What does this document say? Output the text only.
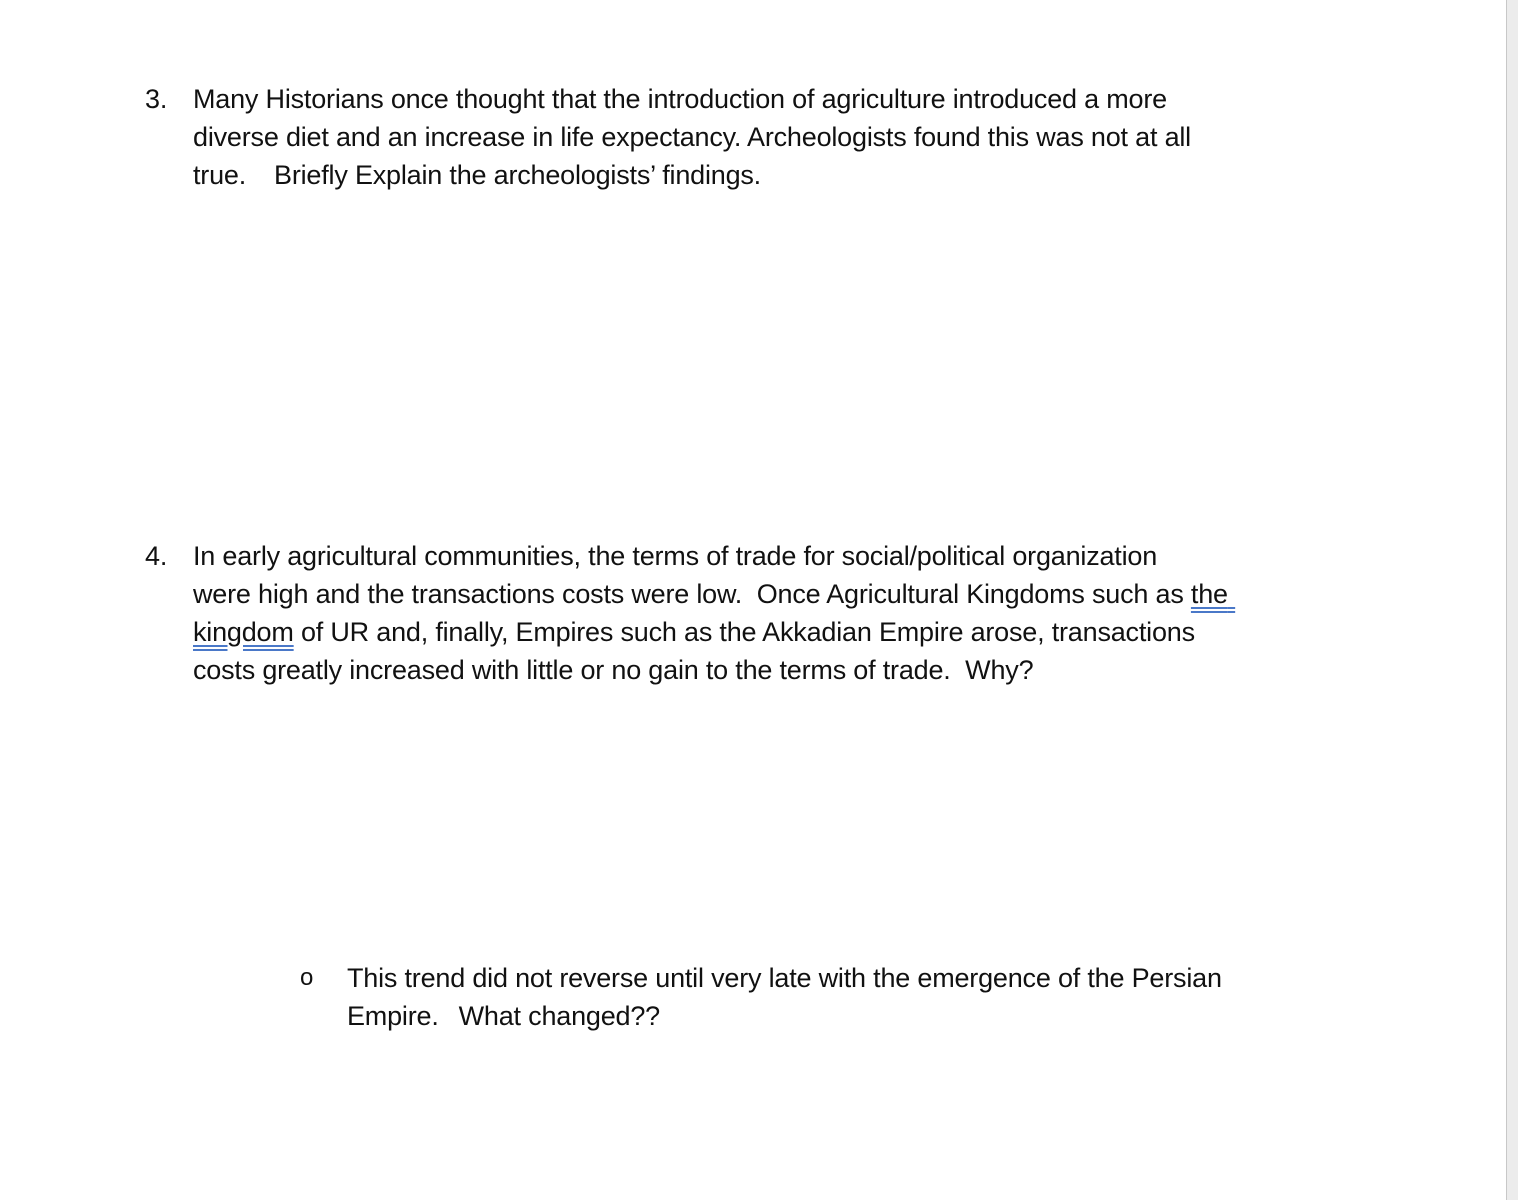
3. Many Historians once thought that the introduction of agriculture introduced a more
diverse diet and an increase in life expectancy. Archeologists found this was not at all
true. Briefly Explain the archeologists’ findings.
4. In early agricultural communities, the terms of trade for social/political organization
were high and the transactions costs were low.  Once Agricultural Kingdoms such as the
kingdom of UR and, finally, Empires such as the Akkadian Empire arose, transactions
costs greatly increased with little or no gain to the terms of trade.  Why?
o This trend did not reverse until very late with the emergence of the Persian
Empire. What changed??
